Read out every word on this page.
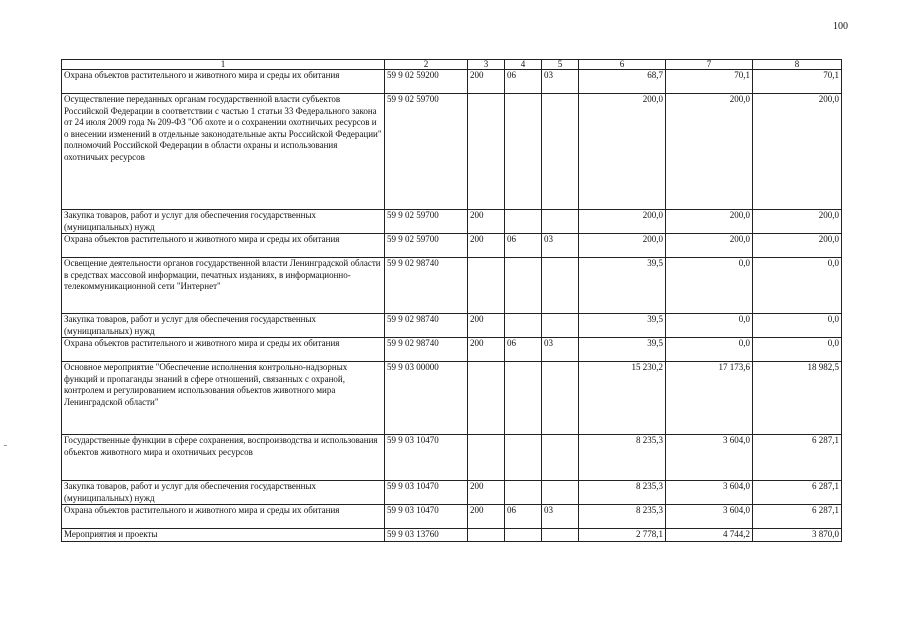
100
1	2	3	4	5	6	7	8
Охрана объектов растительного и животного мира и среды их обитания	59 9 02 59200	200	06	03	68,7	70,1	70,1
Осуществление переданных органам государственной власти субъектов Российской Федерации в соответствии с частью 1 статьи 33 Федерального закона от 24 июля 2009 года № 209-ФЗ "Об охоте и о сохранении охотничьих ресурсов и о внесении изменений в отдельные законодательные акты Российской Федерации" полномочий Российской Федерации в области охраны и использования охотничьих ресурсов	59 9 02 59700				200,0	200,0	200,0
Закупка товаров, работ и услуг для обеспечения государственных (муниципальных) нужд	59 9 02 59700	200			200,0	200,0	200,0
Охрана объектов растительного и животного мира и среды их обитания	59 9 02 59700	200	06	03	200,0	200,0	200,0
Освещение деятельности органов государственной власти Ленинградской области в средствах массовой информации, печатных изданиях, в информационно-телекоммуникационной сети "Интернет"	59 9 02 98740				39,5	0,0	0,0
Закупка товаров, работ и услуг для обеспечения государственных (муниципальных) нужд	59 9 02 98740	200			39,5	0,0	0,0
Охрана объектов растительного и животного мира и среды их обитания	59 9 02 98740	200	06	03	39,5	0,0	0,0
Основное мероприятие "Обеспечение исполнения контрольно-надзорных функций и пропаганды знаний в сфере отношений, связанных с охраной, контролем и регулированием использования объектов животного мира Ленинградской области"	59 9 03 00000				15 230,2	17 173,6	18 982,5
Государственные функции в сфере сохранения, воспроизводства и использования объектов животного мира и охотничьих ресурсов	59 9 03 10470				8 235,3	3 604,0	6 287,1
Закупка товаров, работ и услуг для обеспечения государственных (муниципальных) нужд	59 9 03 10470	200			8 235,3	3 604,0	6 287,1
Охрана объектов растительного и животного мира и среды их обитания	59 9 03 10470	200	06	03	8 235,3	3 604,0	6 287,1
Мероприятия и проекты	59 9 03 13760				2 778,1	4 744,2	3 870,0
